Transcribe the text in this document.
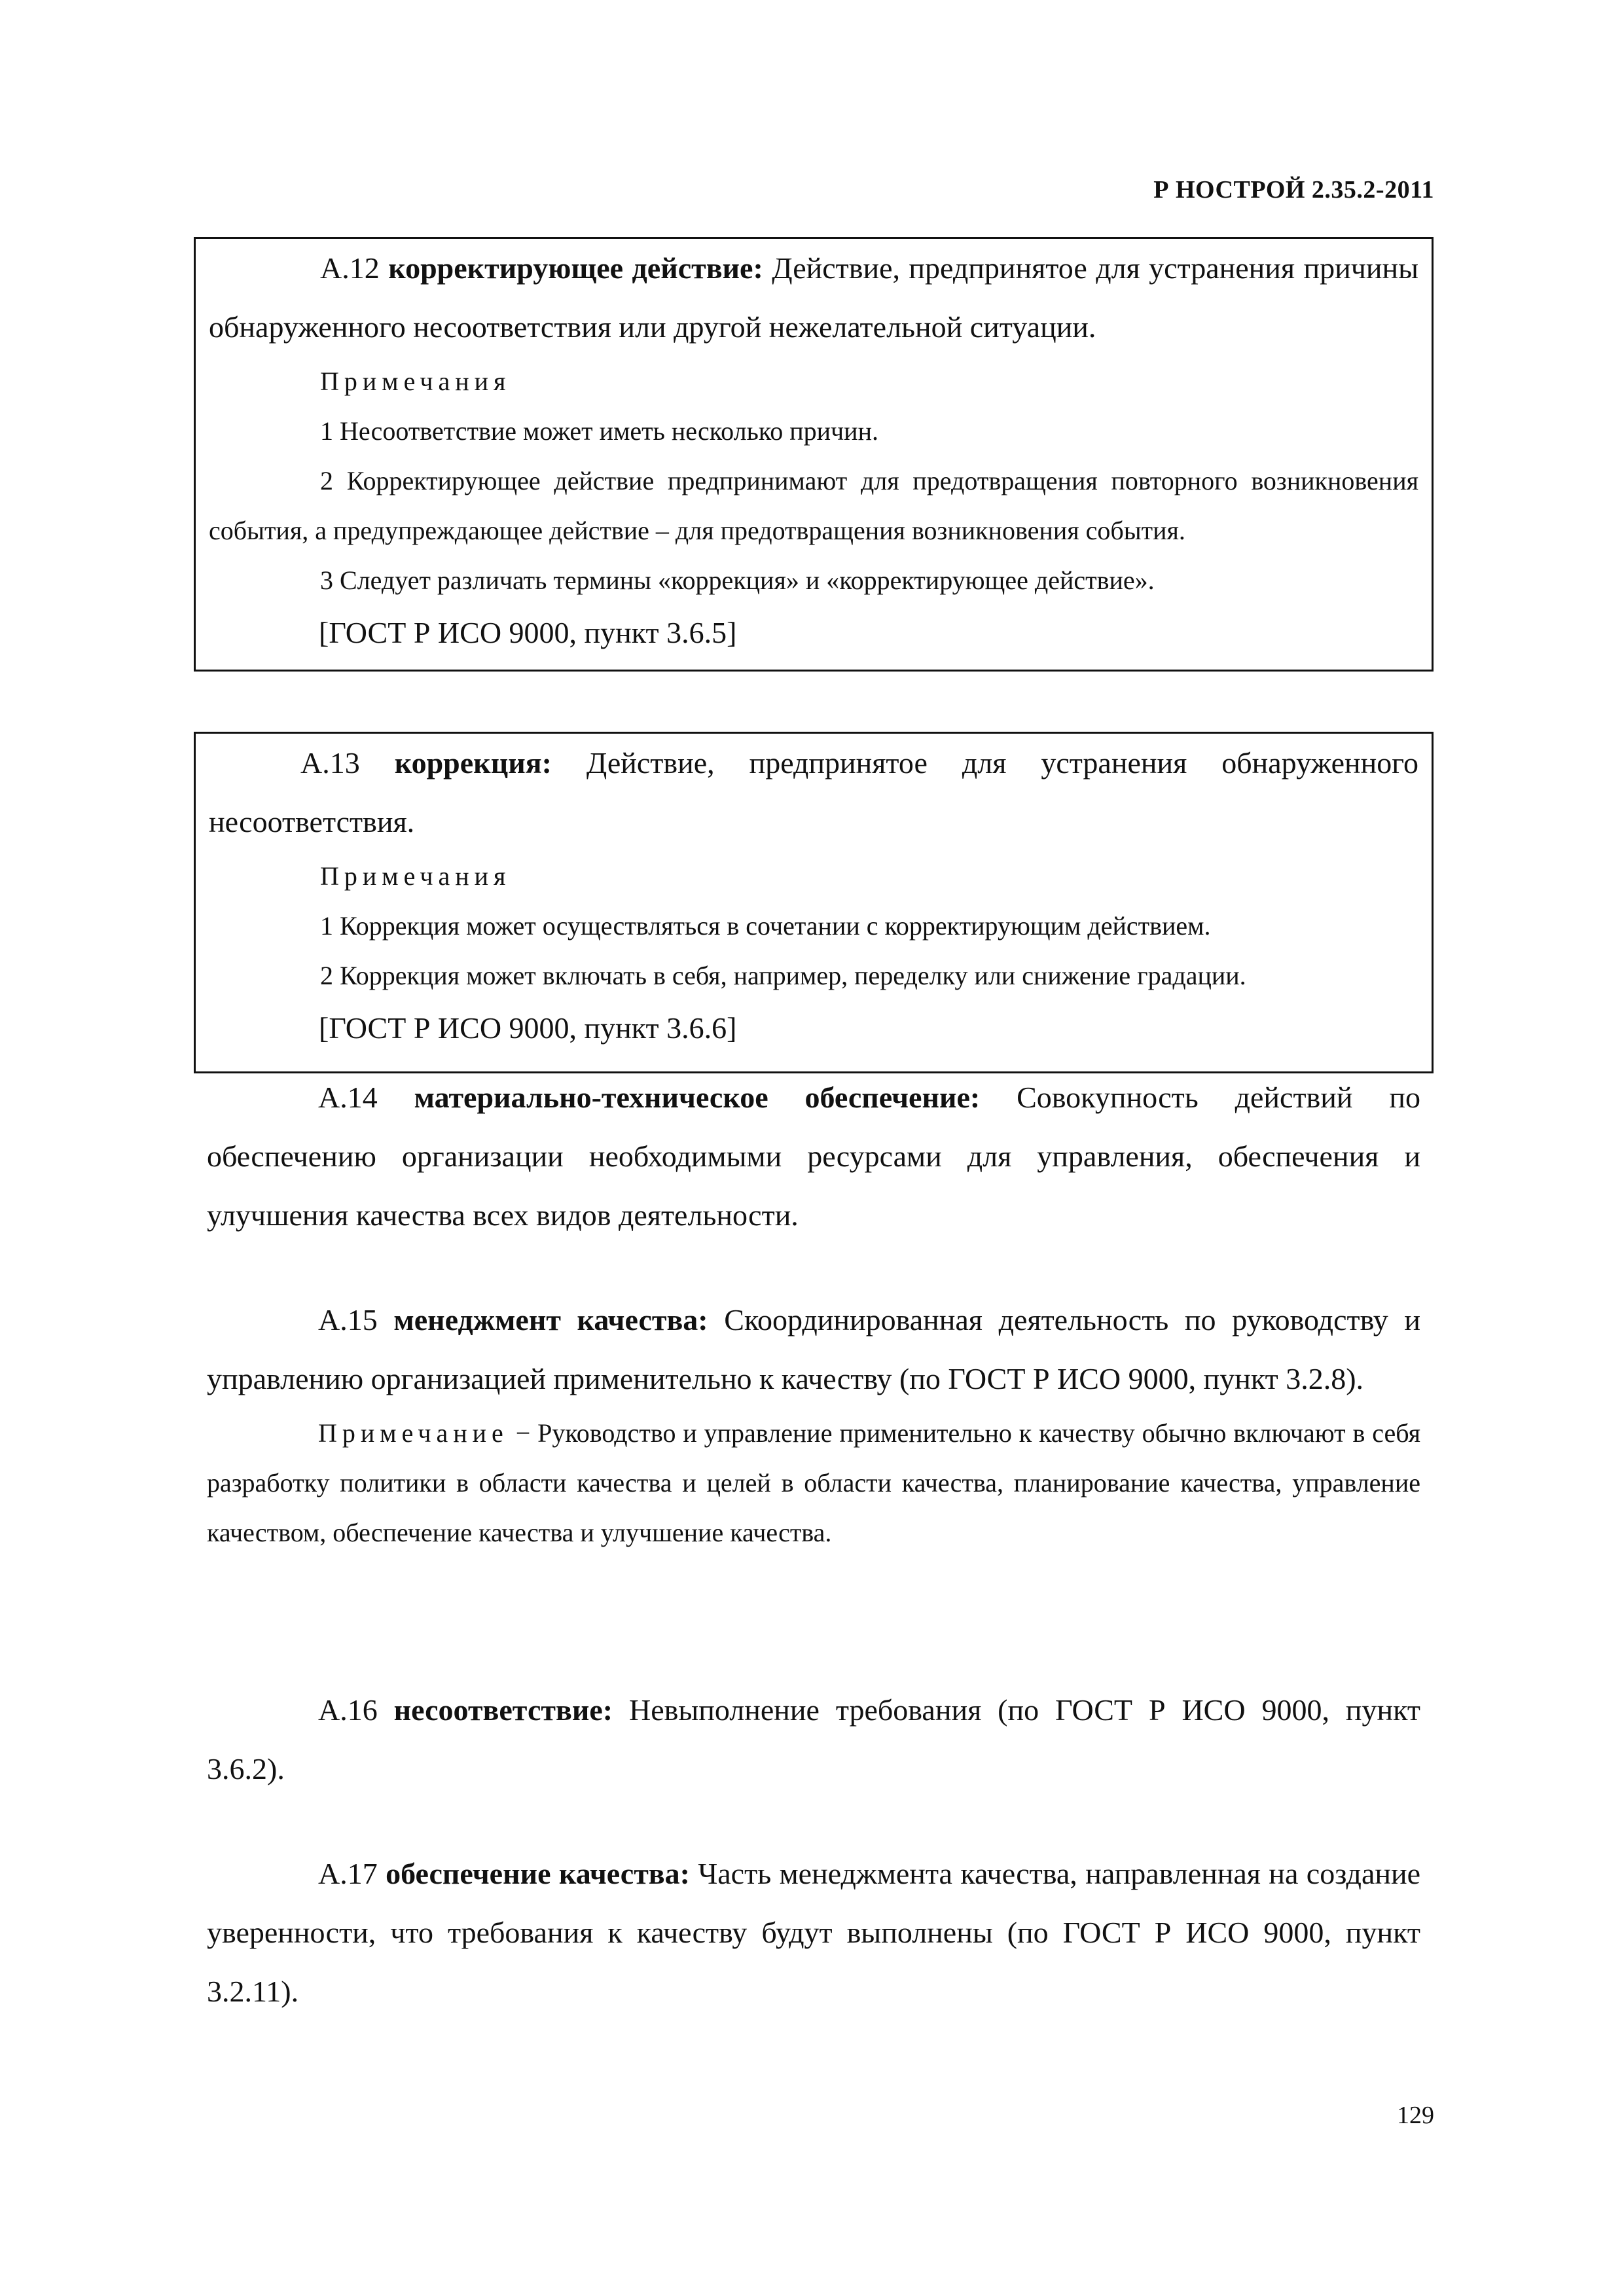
Р НОСТРОЙ 2.35.2-2011

А.12 корректирующее действие: Действие, предпринятое для устранения причины обнаруженного несоответствия или другой нежелательной ситуации.

Примечания

1 Несоответствие может иметь несколько причин.

2 Корректирующее действие предпринимают для предотвращения повторного возникновения события, а предупреждающее действие – для предотвращения возникновения события.

3 Следует различать термины «коррекция» и «корректирующее действие».

[ГОСТ Р ИСО 9000, пункт 3.6.5]

А.13 коррекция: Действие, предпринятое для устранения обнаруженного несоответствия.

Примечания

1 Коррекция может осуществляться в сочетании с корректирующим действием.

2 Коррекция может включать в себя, например, переделку или снижение градации.

[ГОСТ Р ИСО 9000, пункт 3.6.6]

А.14 материально-техническое обеспечение: Совокупность действий по обеспечению организации необходимыми ресурсами для управления, обеспечения и улучшения качества всех видов деятельности.

А.15 менеджмент качества: Скоординированная деятельность по руководству и управлению организацией применительно к качеству (по ГОСТ Р ИСО 9000, пункт 3.2.8).

Примечание − Руководство и управление применительно к качеству обычно включают в себя разработку политики в области качества и целей в области качества, планирование качества, управление качеством, обеспечение качества и улучшение качества.

А.16 несоответствие: Невыполнение требования (по ГОСТ Р ИСО 9000, пункт 3.6.2).

А.17 обеспечение качества: Часть менеджмента качества, направленная на создание уверенности, что требования к качеству будут выполнены (по ГОСТ Р ИСО 9000, пункт 3.2.11).

129
